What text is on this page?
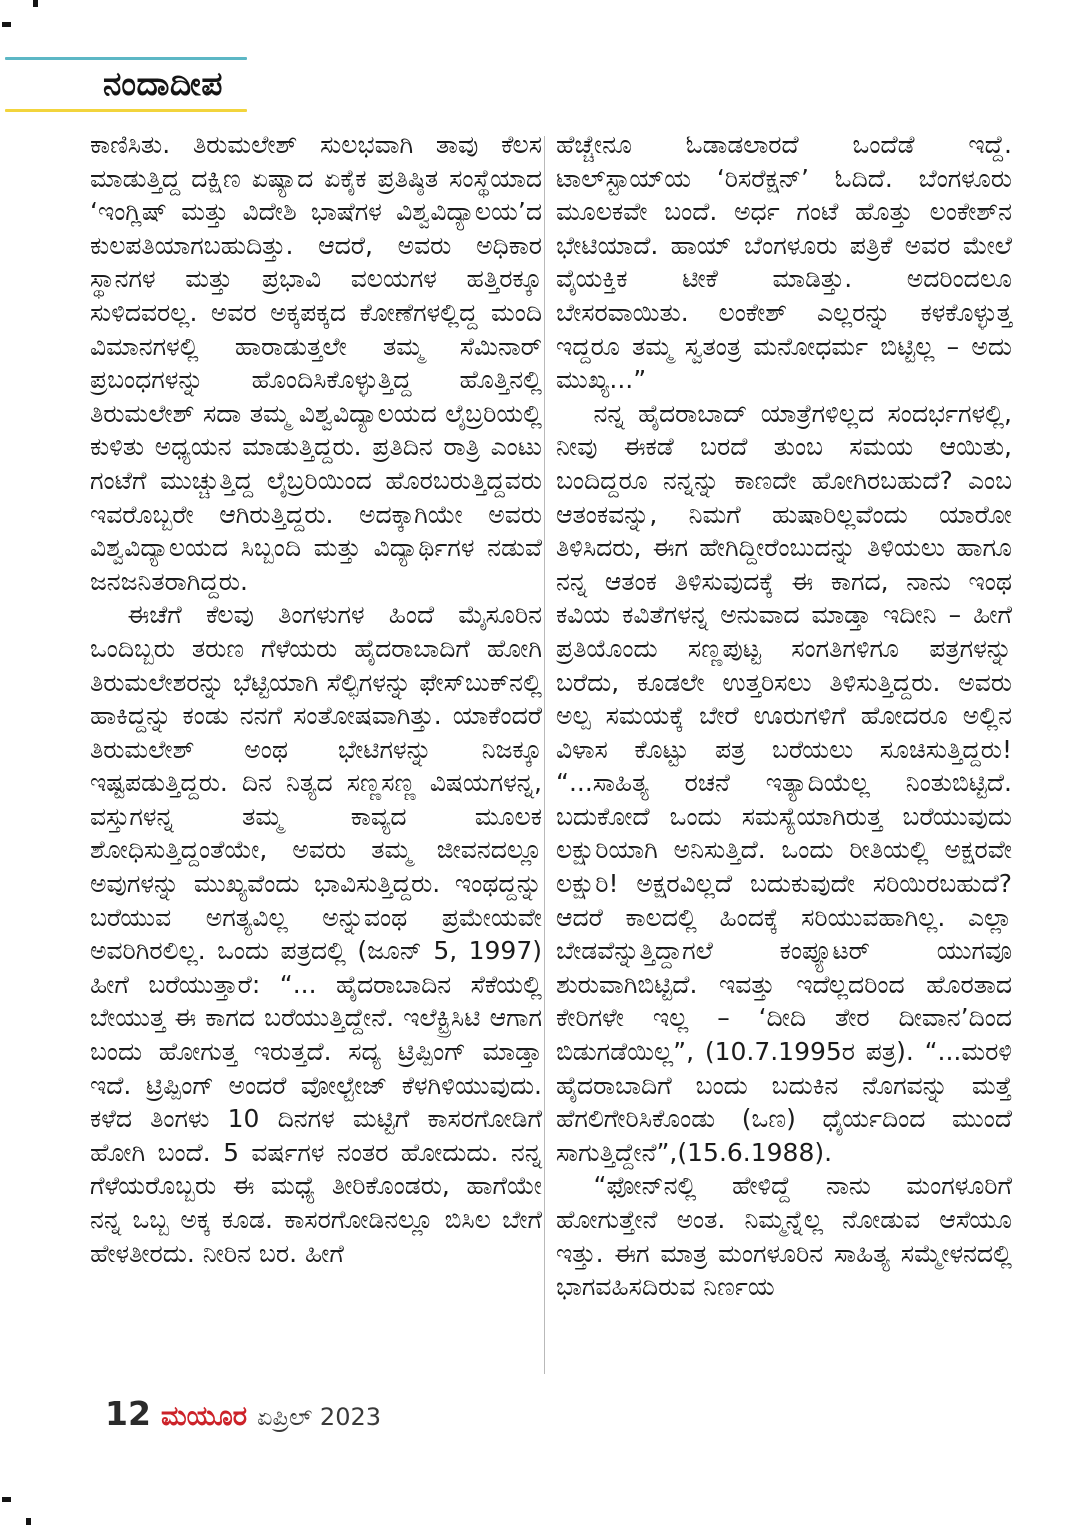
ನಂದಾದೀಪ

ಕಾಣಿಸಿತು. ತಿರುಮಲೇಶ್ ಸುಲಭವಾಗಿ ತಾವು ಕೆಲಸ ಮಾಡುತ್ತಿದ್ದ ದಕ್ಷಿಣ ಏಷ್ಯಾದ ಏಕೈಕ ಪ್ರತಿಷ್ಠಿತ ಸಂಸ್ಥೆಯಾದ ‘ಇಂಗ್ಲಿಷ್ ಮತ್ತು ವಿದೇಶಿ ಭಾಷೆಗಳ ವಿಶ್ವವಿದ್ಯಾಲಯ’ದ ಕುಲಪತಿಯಾಗಬಹುದಿತ್ತು. ಆದರೆ, ಅವರು ಅಧಿಕಾರ ಸ್ಥಾನಗಳ ಮತ್ತು ಪ್ರಭಾವಿ ವಲಯಗಳ ಹತ್ತಿರಕ್ಕೂ ಸುಳಿದವರಲ್ಲ. ಅವರ ಅಕ್ಕಪಕ್ಕದ ಕೋಣೆಗಳಲ್ಲಿದ್ದ ಮಂದಿ ವಿಮಾನಗಳಲ್ಲಿ ಹಾರಾಡುತ್ತಲೇ ತಮ್ಮ ಸೆಮಿನಾರ್ ಪ್ರಬಂಧಗಳನ್ನು ಹೊಂದಿಸಿಕೊಳ್ಳುತ್ತಿದ್ದ ಹೊತ್ತಿನಲ್ಲಿ ತಿರುಮಲೇಶ್ ಸದಾ ತಮ್ಮ ವಿಶ್ವವಿದ್ಯಾಲಯದ ಲೈಬ್ರರಿಯಲ್ಲಿ ಕುಳಿತು ಅಧ್ಯಯನ ಮಾಡುತ್ತಿದ್ದರು. ಪ್ರತಿದಿನ ರಾತ್ರಿ ಎಂಟು ಗಂಟೆಗೆ ಮುಚ್ಚುತ್ತಿದ್ದ ಲೈಬ್ರರಿಯಿಂದ ಹೊರಬರುತ್ತಿದ್ದವರು ಇವರೊಬ್ಬರೇ ಆಗಿರುತ್ತಿದ್ದರು. ಅದಕ್ಕಾಗಿಯೇ ಅವರು ವಿಶ್ವವಿದ್ಯಾಲಯದ ಸಿಬ್ಬಂದಿ ಮತ್ತು ವಿದ್ಯಾರ್ಥಿಗಳ ನಡುವೆ ಜನಜನಿತರಾಗಿದ್ದರು.

ಈಚೆಗೆ ಕೆಲವು ತಿಂಗಳುಗಳ ಹಿಂದೆ ಮೈಸೂರಿನ ಒಂದಿಬ್ಬರು ತರುಣ ಗೆಳೆಯರು ಹೈದರಾಬಾದಿಗೆ ಹೋಗಿ ತಿರುಮಲೇಶರನ್ನು ಭೆಟ್ಟಿಯಾಗಿ ಸೆಲ್ಫಿಗಳನ್ನು ಫೇಸ್‌ಬುಕ್‌ನಲ್ಲಿ ಹಾಕಿದ್ದನ್ನು ಕಂಡು ನನಗೆ ಸಂತೋಷವಾಗಿತ್ತು. ಯಾಕೆಂದರೆ ತಿರುಮಲೇಶ್ ಅಂಥ ಭೇಟಿಗಳನ್ನು ನಿಜಕ್ಕೂ ಇಷ್ಟಪಡುತ್ತಿದ್ದರು. ದಿನ ನಿತ್ಯದ ಸಣ್ಣಸಣ್ಣ ವಿಷಯಗಳನ್ನ, ವಸ್ತುಗಳನ್ನ ತಮ್ಮ ಕಾವ್ಯದ ಮೂಲಕ ಶೋಧಿಸುತ್ತಿದ್ದಂತೆಯೇ, ಅವರು ತಮ್ಮ ಜೀವನದಲ್ಲೂ ಅವುಗಳನ್ನು ಮುಖ್ಯವೆಂದು ಭಾವಿಸುತ್ತಿದ್ದರು. ಇಂಥದ್ದನ್ನು ಬರೆಯುವ ಅಗತ್ಯವಿಲ್ಲ ಅನ್ನುವಂಥ ಪ್ರಮೇಯವೇ ಅವರಿಗಿರಲಿಲ್ಲ. ಒಂದು ಪತ್ರದಲ್ಲಿ (ಜೂನ್ 5, 1997) ಹೀಗೆ ಬರೆಯುತ್ತಾರೆ: “... ಹೈದರಾಬಾದಿನ ಸೆಕೆಯಲ್ಲಿ ಬೇಯುತ್ತ ಈ ಕಾಗದ ಬರೆಯುತ್ತಿದ್ದೇನೆ. ಇಲೆಕ್ಟ್ರಿಸಿಟಿ ಆಗಾಗ ಬಂದು ಹೋಗುತ್ತ ಇರುತ್ತದೆ. ಸದ್ಯ ಟ್ರಿಪ್ಪಿಂಗ್ ಮಾಡ್ತಾ ಇದೆ. ಟ್ರಿಪ್ಪಿಂಗ್ ಅಂದರೆ ವೋಲ್ಟೇಜ್ ಕೆಳಗಿಳಿಯುವುದು. ಕಳೆದ ತಿಂಗಳು 10 ದಿನಗಳ ಮಟ್ಟಿಗೆ ಕಾಸರಗೋಡಿಗೆ ಹೋಗಿ ಬಂದೆ. 5 ವರ್ಷಗಳ ನಂತರ ಹೋದುದು. ನನ್ನ ಗೆಳೆಯರೊಬ್ಬರು ಈ ಮಧ್ಯೆ ತೀರಿಕೊಂಡರು, ಹಾಗೆಯೇ ನನ್ನ ಒಬ್ಬ ಅಕ್ಕ ಕೂಡ. ಕಾಸರಗೋಡಿನಲ್ಲೂ ಬಿಸಿಲ ಬೇಗೆ ಹೇಳತೀರದು. ನೀರಿನ ಬರ. ಹೀಗೆ

ಹೆಚ್ಚೇನೂ ಓಡಾಡಲಾರದೆ ಒಂದೆಡೆ ಇದ್ದೆ. ಟಾಲ್‌ಸ್ಟಾಯ್‌ಯ ‘ರಿಸರೆಕ್ಷನ್’ ಓದಿದೆ. ಬೆಂಗಳೂರು ಮೂಲಕವೇ ಬಂದೆ. ಅರ್ಧ ಗಂಟೆ ಹೊತ್ತು ಲಂಕೇಶ್‌ನ ಭೇಟಿಯಾದೆ. ಹಾಯ್ ಬೆಂಗಳೂರು ಪತ್ರಿಕೆ ಅವರ ಮೇಲೆ ವೈಯಕ್ತಿಕ ಟೀಕೆ ಮಾಡಿತ್ತು. ಅದರಿಂದಲೂ ಬೇಸರವಾಯಿತು. ಲಂಕೇಶ್ ಎಲ್ಲರನ್ನು ಕಳಕೊಳ್ಳುತ್ತ ಇದ್ದರೂ ತಮ್ಮ ಸ್ವತಂತ್ರ ಮನೋಧರ್ಮ ಬಿಟ್ಟಿಲ್ಲ – ಅದು ಮುಖ್ಯ...”

ನನ್ನ ಹೈದರಾಬಾದ್ ಯಾತ್ರೆಗಳಿಲ್ಲದ ಸಂದರ್ಭಗಳಲ್ಲಿ, ನೀವು ಈಕಡೆ ಬರದೆ ತುಂಬ ಸಮಯ ಆಯಿತು, ಬಂದಿದ್ದರೂ ನನ್ನನ್ನು ಕಾಣದೇ ಹೋಗಿರಬಹುದೆ? ಎಂಬ ಆತಂಕವನ್ನು, ನಿಮಗೆ ಹುಷಾರಿಲ್ಲವೆಂದು ಯಾರೋ ತಿಳಿಸಿದರು, ಈಗ ಹೇಗಿದ್ದೀರೆಂಬುದನ್ನು ತಿಳಿಯಲು ಹಾಗೂ ನನ್ನ ಆತಂಕ ತಿಳಿಸುವುದಕ್ಕೆ ಈ ಕಾಗದ, ನಾನು ಇಂಥ ಕವಿಯ ಕವಿತೆಗಳನ್ನ ಅನುವಾದ ಮಾಡ್ತಾ ಇದೀನಿ – ಹೀಗೆ ಪ್ರತಿಯೊಂದು ಸಣ್ಣಪುಟ್ಟ ಸಂಗತಿಗಳಿಗೂ ಪತ್ರಗಳನ್ನು ಬರೆದು, ಕೂಡಲೇ ಉತ್ತರಿಸಲು ತಿಳಿಸುತ್ತಿದ್ದರು. ಅವರು ಅಲ್ಪ ಸಮಯಕ್ಕೆ ಬೇರೆ ಊರುಗಳಿಗೆ ಹೋದರೂ ಅಲ್ಲಿನ ವಿಳಾಸ ಕೊಟ್ಟು ಪತ್ರ ಬರೆಯಲು ಸೂಚಿಸುತ್ತಿದ್ದರು! “...ಸಾಹಿತ್ಯ ರಚನೆ ಇತ್ಯಾದಿಯೆಲ್ಲ ನಿಂತುಬಿಟ್ಟಿದೆ. ಬದುಕೋದೆ ಒಂದು ಸಮಸ್ಯೆಯಾಗಿರುತ್ತ ಬರೆಯುವುದು ಲಕ್ಷುರಿಯಾಗಿ ಅನಿಸುತ್ತಿದೆ. ಒಂದು ರೀತಿಯಲ್ಲಿ ಅಕ್ಷರವೇ ಲಕ್ಷುರಿ! ಅಕ್ಷರವಿಲ್ಲದೆ ಬದುಕುವುದೇ ಸರಿಯಿರಬಹುದೆ? ಆದರೆ ಕಾಲದಲ್ಲಿ ಹಿಂದಕ್ಕೆ ಸರಿಯುವಹಾಗಿಲ್ಲ. ಎಲ್ಲಾ ಬೇಡವೆನ್ನುತ್ತಿದ್ದಾಗಲೆ ಕಂಪ್ಯೂಟರ್ ಯುಗವೂ ಶುರುವಾಗಿಬಿಟ್ಟಿದೆ. ಇವತ್ತು ಇದೆಲ್ಲದರಿಂದ ಹೊರತಾದ ಕೇರಿಗಳೇ ಇಲ್ಲ – ‘ದೀದಿ ತೇರ ದೀವಾನ’ದಿಂದ ಬಿಡುಗಡೆಯಿಲ್ಲ”, (10.7.1995ರ ಪತ್ರ). “...ಮರಳಿ ಹೈದರಾಬಾದಿಗೆ ಬಂದು ಬದುಕಿನ ನೊಗವನ್ನು ಮತ್ತೆ ಹೆಗಲಿಗೇರಿಸಿಕೊಂಡು (ಒಣ) ಧೈರ್ಯದಿಂದ ಮುಂದೆ ಸಾಗುತ್ತಿದ್ದೇನೆ”,(15.6.1988).

“ಫೋನ್‌ನಲ್ಲಿ ಹೇಳಿದ್ದೆ ನಾನು ಮಂಗಳೂರಿಗೆ ಹೋಗುತ್ತೇನೆ ಅಂತ. ನಿಮ್ಮನ್ನೆಲ್ಲ ನೋಡುವ ಆಸೆಯೂ ಇತ್ತು. ಈಗ ಮಾತ್ರ ಮಂಗಳೂರಿನ ಸಾಹಿತ್ಯ ಸಮ್ಮೇಳನದಲ್ಲಿ ಭಾಗವಹಿಸದಿರುವ ನಿರ್ಣಯ

12 ಮಯೂರ ಏಪ್ರಿಲ್ 2023
